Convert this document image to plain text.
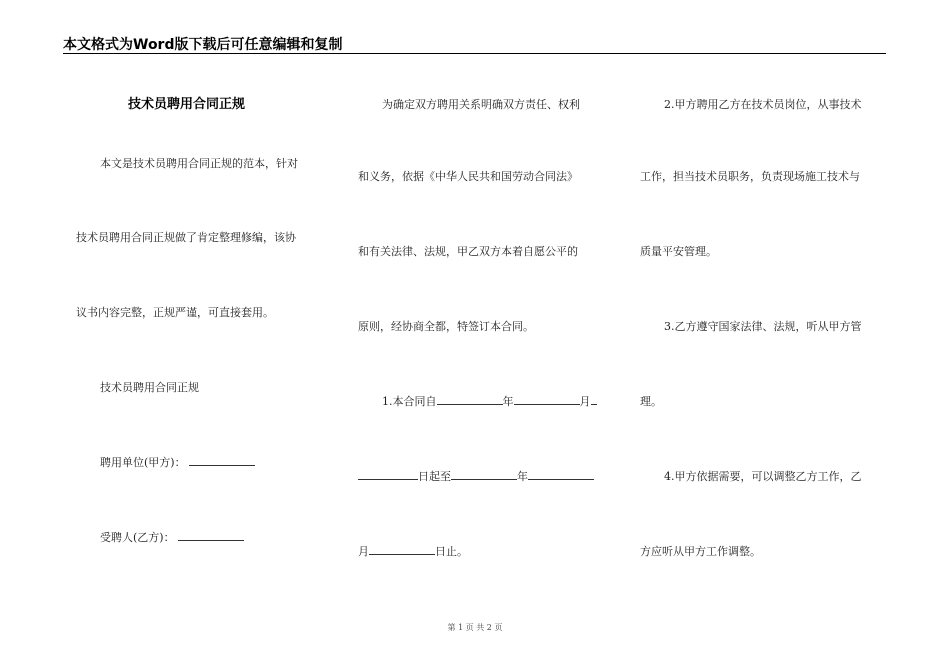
本文格式为Word版下载后可任意编辑和复制
技术员聘用合同正规
本文是技术员聘用合同正规的范本，针对
技术员聘用合同正规做了肯定整理修编，该协
议书内容完整，正规严谨，可直接套用。
技术员聘用合同正规
聘用单位(甲方)：
受聘人(乙方)：
为确定双方聘用关系明确双方责任、权利
和义务，依据《中华人民共和国劳动合同法》
和有关法律、法规，甲乙双方本着自愿公平的
原则，经协商全都，特签订本合同。
1.本合同自	年	月
日起至	年
月	日止。
2.甲方聘用乙方在技术员岗位，从事技术
工作，担当技术员职务，负责现场施工技术与
质量平安管理。
3.乙方遵守国家法律、法规，听从甲方管
理。
4.甲方依据需要，可以调整乙方工作，乙
方应听从甲方工作调整。
第 1 页 共 2 页
